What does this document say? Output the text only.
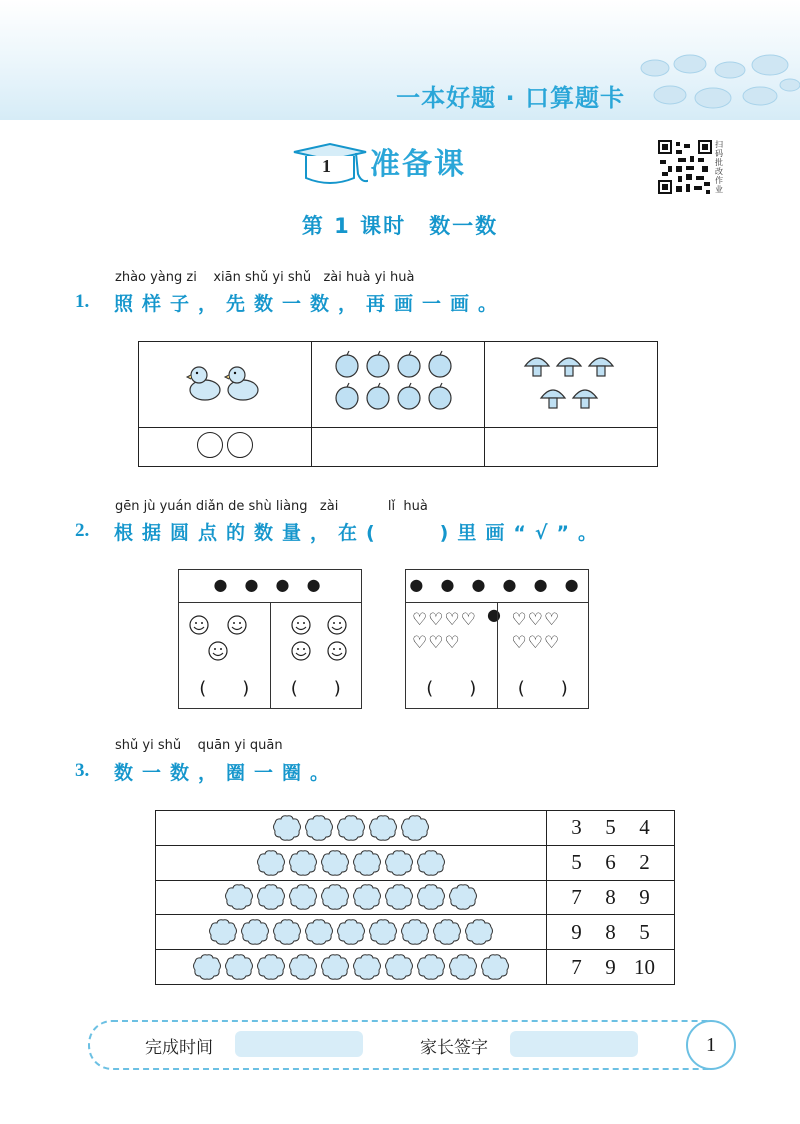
一本好题 · 口算题卡
1 准备课
扫码批改作业
第 1 课时　数一数
zhào yàng zi    xiān shǔ yi shǔ   zài huà yi huà
1. 照样子，先数一数，再画一画。

gēn jù yuán diǎn de shù liàng   zài            lǐ  huà
2. 根据圆点的数量，在(　　)里画“√”。
● ● ● ●
(　　)	(　　)
● ● ● ● ● ● ●
♡♡♡♡
♡♡♡
(　　)
♡♡♡
♡♡♡
(　　)
shǔ yi shǔ    quān yi quān
3. 数一数，圈一圈。
	3 5 4
	5 6 2
	7 8 9
	9 8 5
	7 9 10
完成时间	家长签字	1
